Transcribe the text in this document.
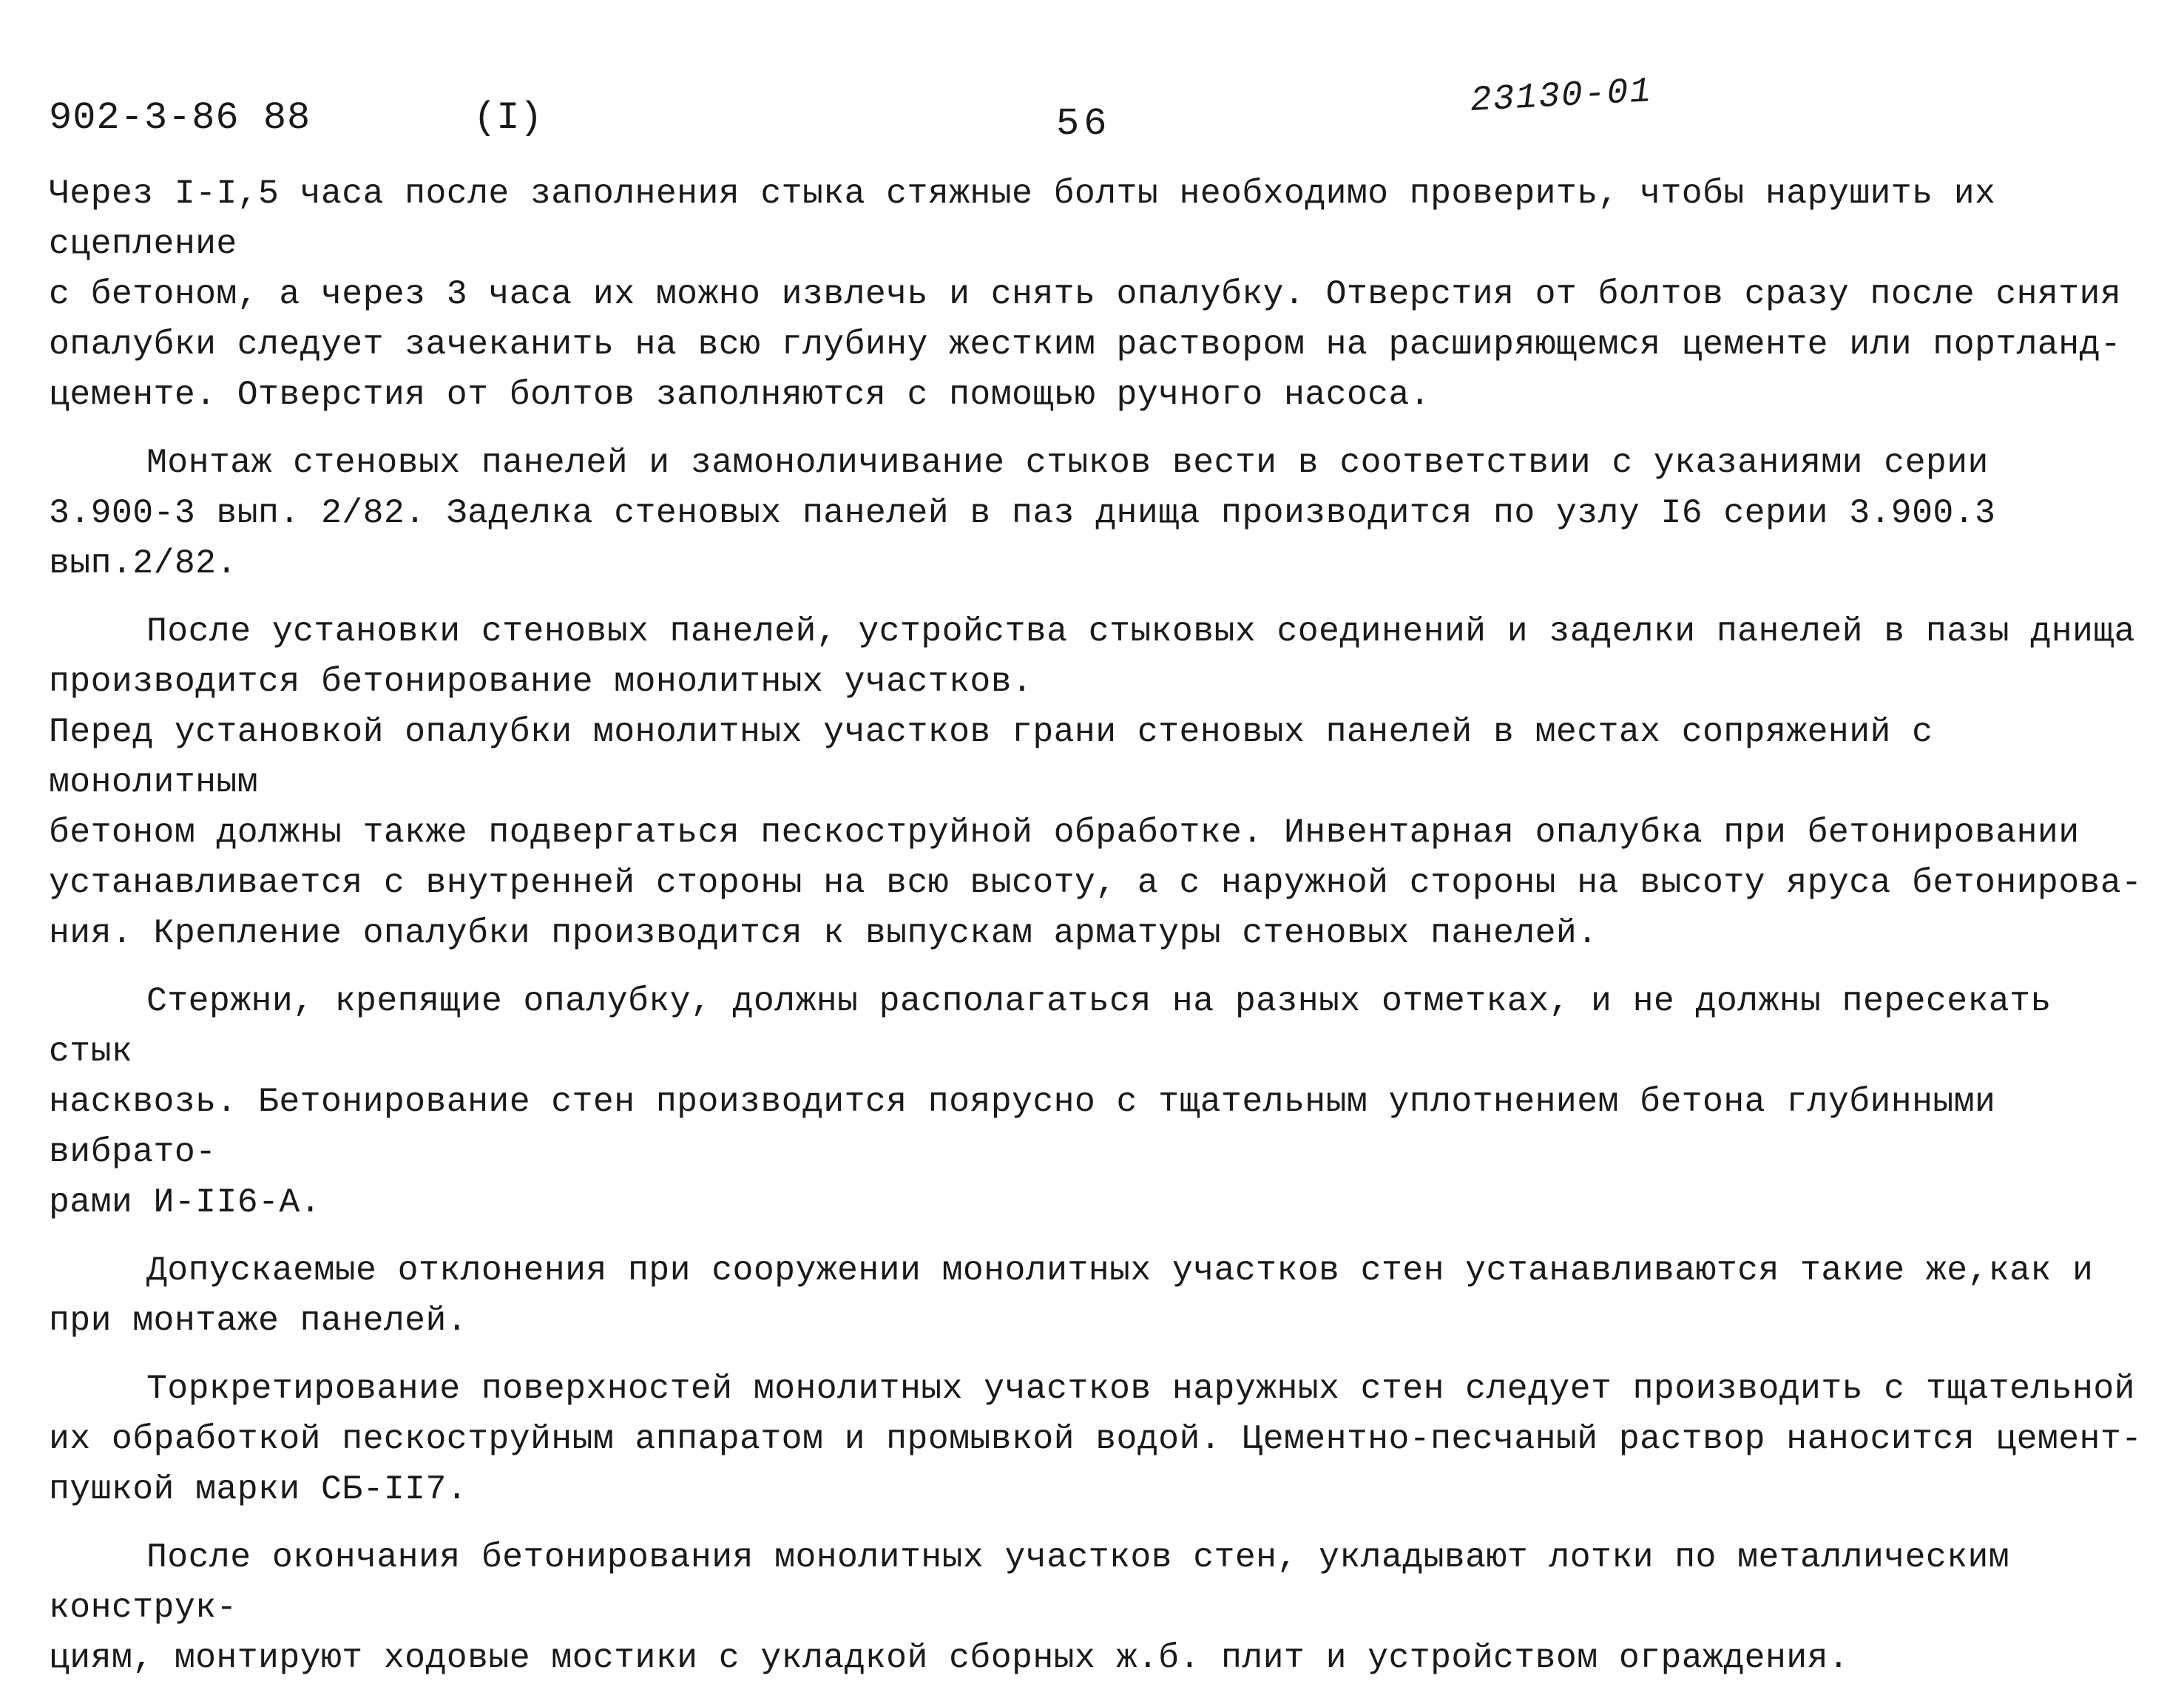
902-3-86 88	(I)	56
23130-01

Через I-I,5 часа после заполнения стыка стяжные болты необходимо проверить, чтобы нарушить их сцепление
с бетоном, а через 3 часа их можно извлечь и снять опалубку. Отверстия от болтов сразу после снятия
опалубки следует зачеканить на всю глубину жестким раствором на расширяющемся цементе или портланд-
цементе. Отверстия от болтов заполняются с помощью ручного насоса.

Монтаж стеновых панелей и замоноличивание стыков вести в соответствии с указаниями серии
3.900-3 вып. 2/82. Заделка стеновых панелей в паз днища производится по узлу I6 серии 3.900.3 вып.2/82.

После установки стеновых панелей, устройства стыковых соединений и заделки панелей в пазы днища
производится бетонирование монолитных участков.

Перед установкой опалубки монолитных участков грани стеновых панелей в местах сопряжений с монолитным
бетоном должны также подвергаться пескоструйной обработке. Инвентарная опалубка при бетонировании
устанавливается с внутренней стороны на всю высоту, а с наружной стороны на высоту яруса бетонирова-
ния. Крепление опалубки производится к выпускам арматуры стеновых панелей.

Стержни, крепящие опалубку, должны располагаться на разных отметках, и не должны пересекать стык
насквозь. Бетонирование стен производится поярусно с тщательным уплотнением бетона глубинными вибрато-
рами И-II6-А.

Допускаемые отклонения при сооружении монолитных участков стен устанавливаются такие же,как и
при монтаже панелей.

Торкретирование поверхностей монолитных участков наружных стен следует производить с тщательной
их обработкой пескоструйным аппаратом и промывкой водой. Цементно-песчаный раствор наносится цемент-
пушкой марки СБ-II7.

После окончания бетонирования монолитных участков стен, укладывают лотки по металлическим конструк-
циям, монтируют ходовые мостики с укладкой сборных ж.б. плит и устройством ограждения.
